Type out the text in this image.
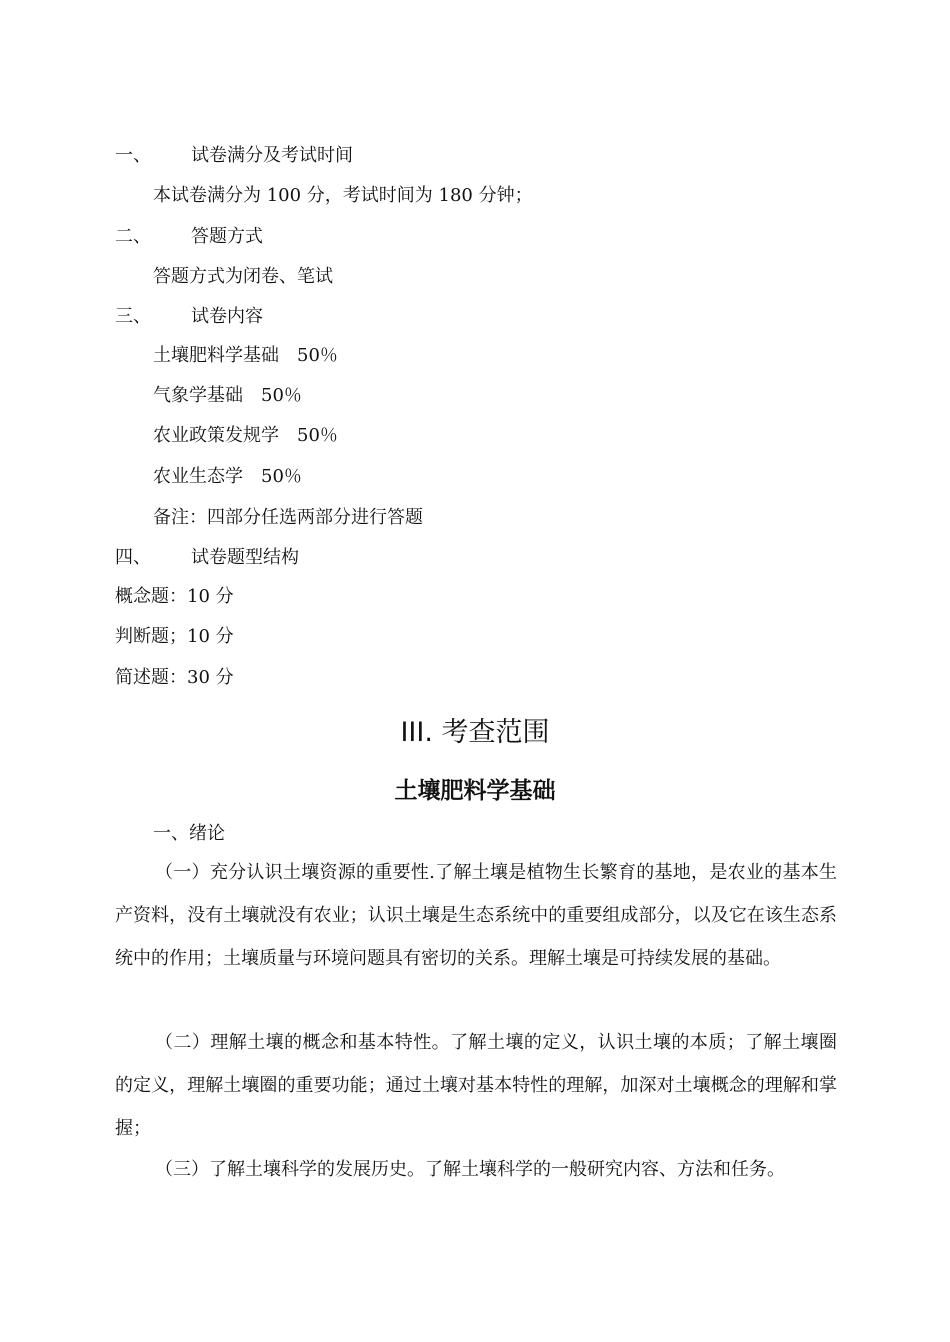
一、 试卷满分及考试时间
本试卷满分为 100 分，考试时间为 180 分钟；
二、 答题方式
答题方式为闭卷、笔试
三、 试卷内容
土壤肥料学基础　50％
气象学基础　50％
农业政策发规学　50％
农业生态学　50％
备注：四部分任选两部分进行答题
四、 试卷题型结构
概念题：10 分
判断题；10 分
简述题：30 分
III. 考查范围
土壤肥料学基础
一、绪论
（一）充分认识土壤资源的重要性.了解土壤是植物生长繁育的基地，是农业的基本生产资料，没有土壤就没有农业；认识土壤是生态系统中的重要组成部分，以及它在该生态系统中的作用；土壤质量与环境问题具有密切的关系。理解土壤是可持续发展的基础。
（二）理解土壤的概念和基本特性。了解土壤的定义，认识土壤的本质；了解土壤圈的定义，理解土壤圈的重要功能；通过土壤对基本特性的理解，加深对土壤概念的理解和掌握；
（三）了解土壤科学的发展历史。了解土壤科学的一般研究内容、方法和任务。
